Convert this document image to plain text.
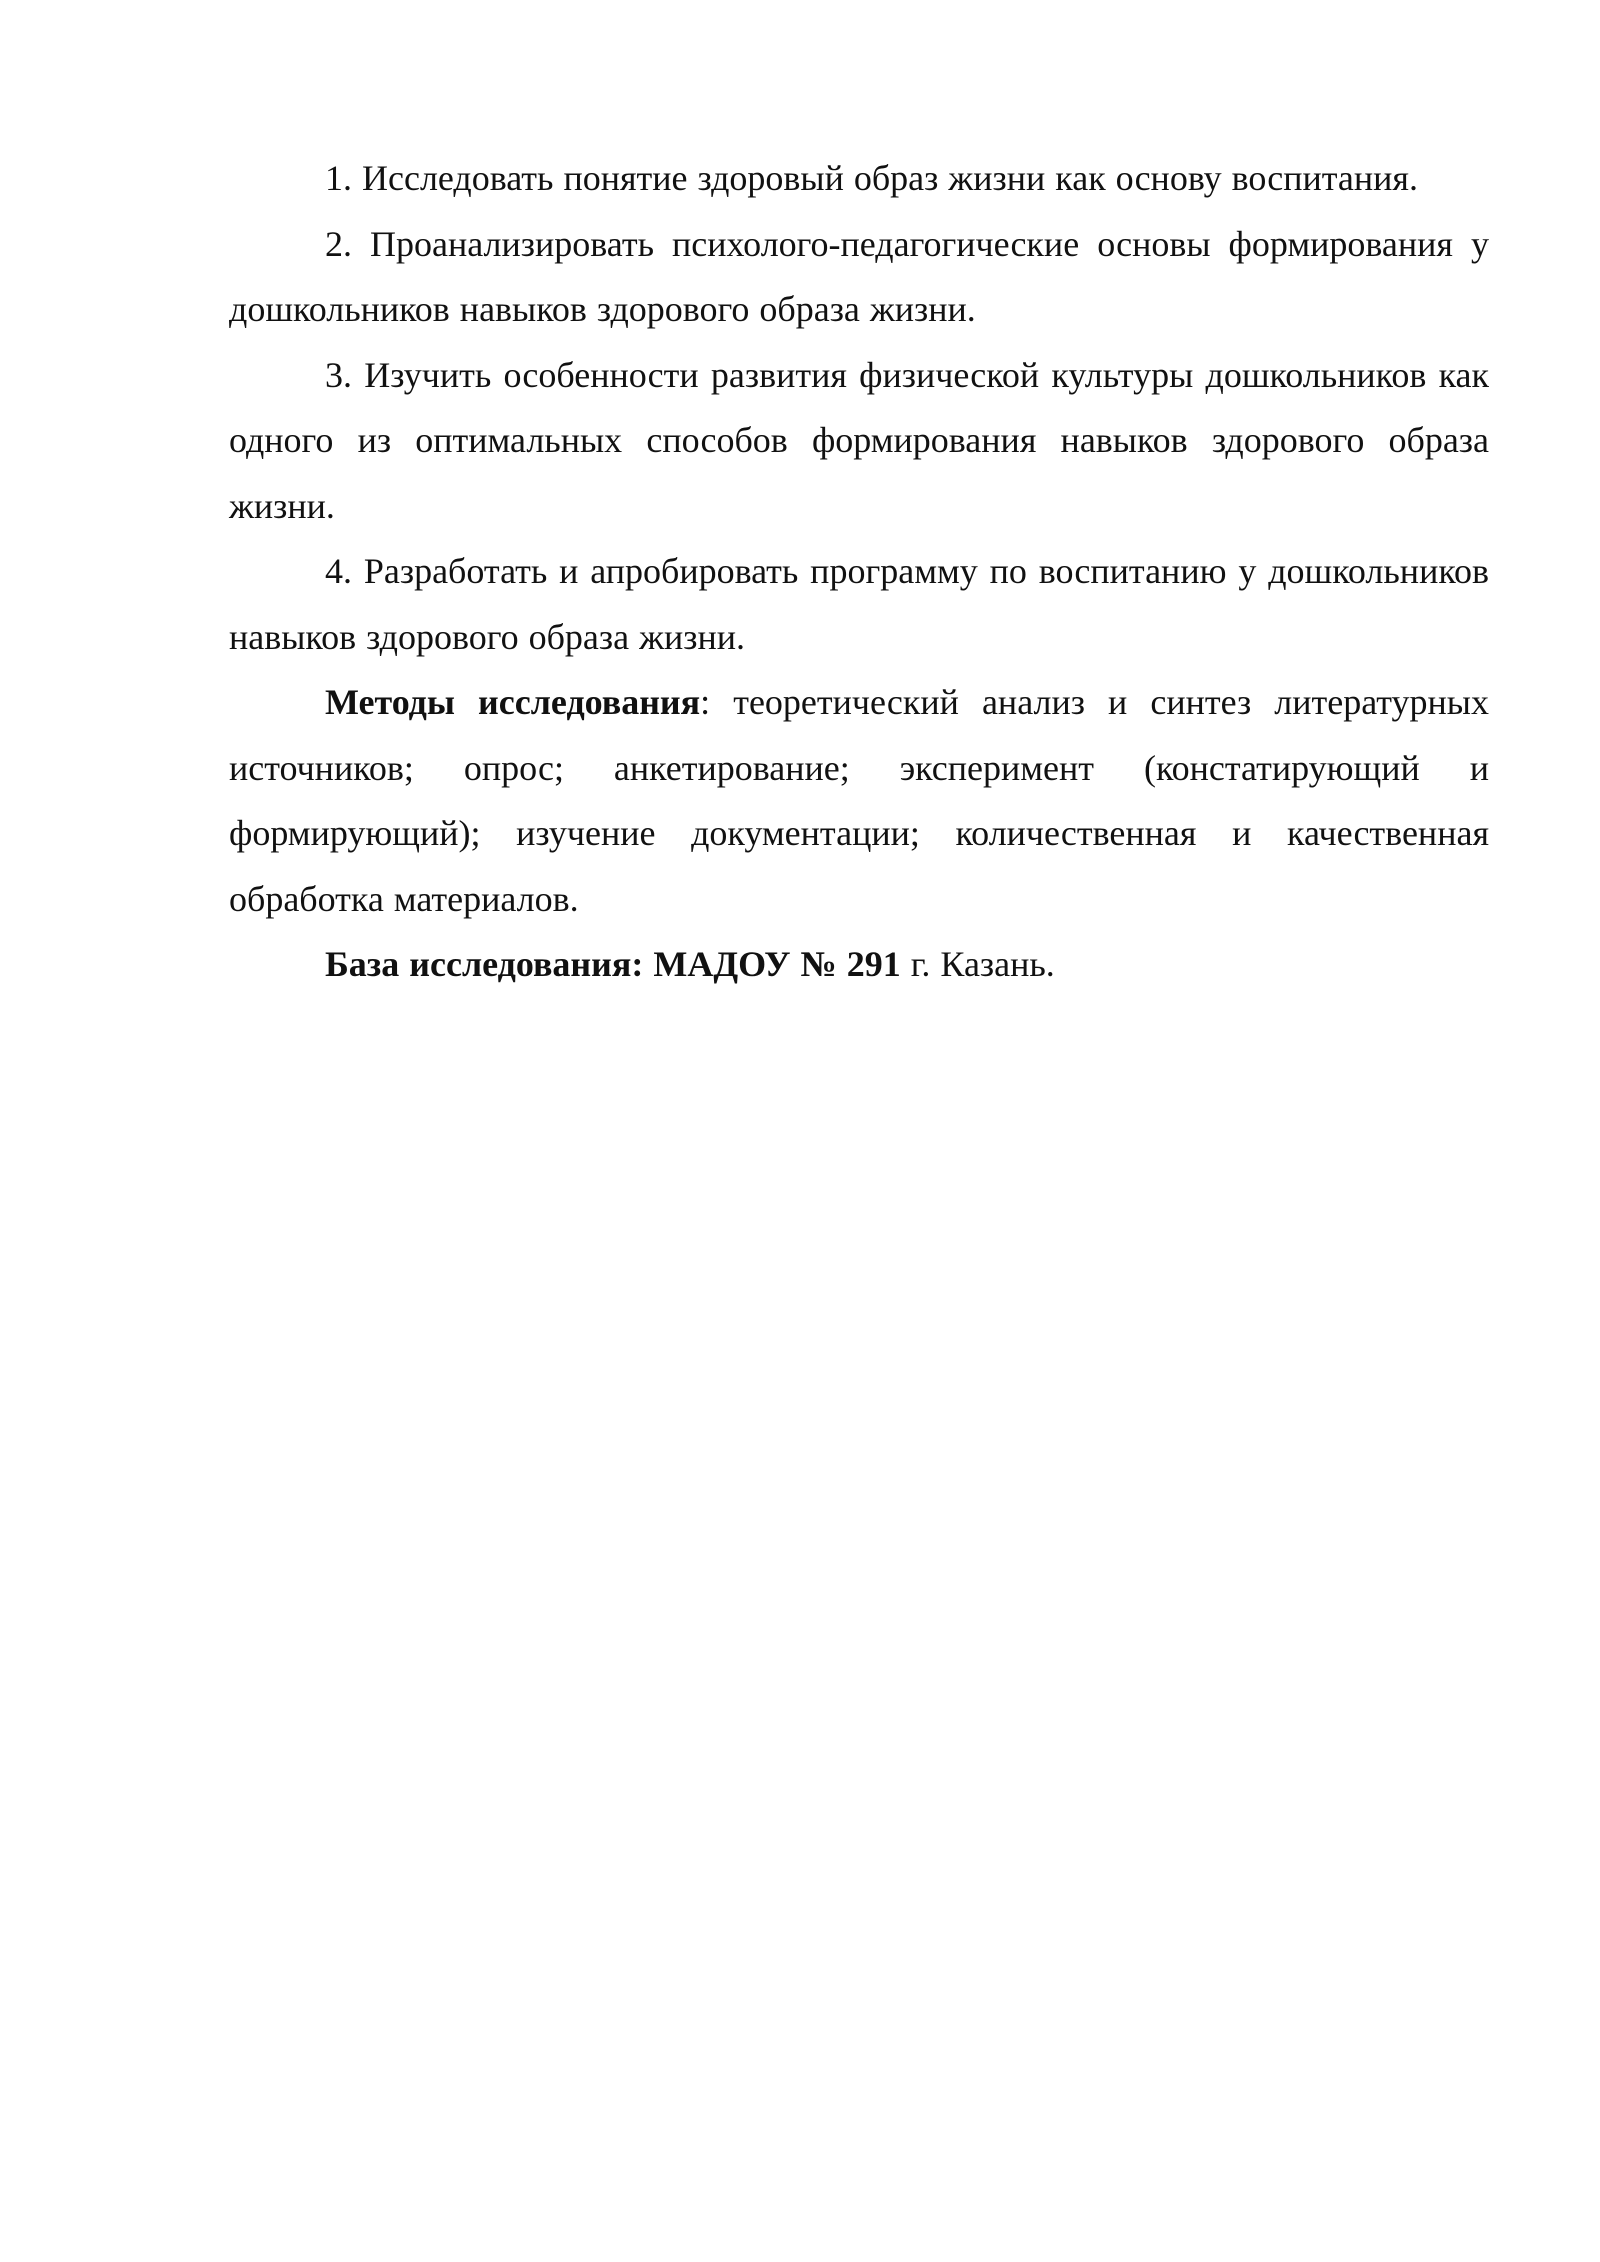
1. Исследовать понятие здоровый образ жизни как основу воспитания.

2. Проанализировать психолого-педагогические основы формирования у дошкольников навыков здорового образа жизни.

3. Изучить особенности развития физической культуры дошкольников как одного из оптимальных способов формирования навыков здорового образа жизни.

4. Разработать и апробировать программу по воспитанию у дошкольников навыков здорового образа жизни.

Методы исследования: теоретический анализ и синтез литературных источников; опрос; анкетирование; эксперимент (констатирующий и формирующий); изучение документации; количественная и качественная обработка материалов.

База исследования: МАДОУ № 291 г. Казань.
